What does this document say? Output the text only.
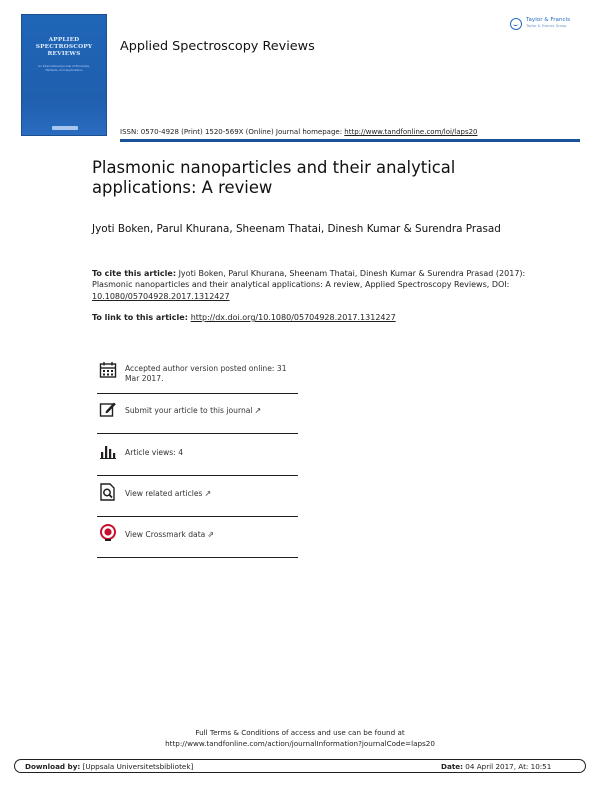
APPLIED
SPECTROSCOPY
REVIEWS
An International Journal of Principles,
Methods, and Applications
Applied Spectroscopy Reviews
Taylor & Francis
Taylor & Francis Group
ISSN: 0570-4928 (Print) 1520-569X (Online) Journal homepage: http://www.tandfonline.com/loi/laps20
Plasmonic nanoparticles and their analytical applications: A review
Jyoti Boken, Parul Khurana, Sheenam Thatai, Dinesh Kumar & Surendra Prasad
To cite this article: Jyoti Boken, Parul Khurana, Sheenam Thatai, Dinesh Kumar & Surendra Prasad (2017): Plasmonic nanoparticles and their analytical applications: A review, Applied Spectroscopy Reviews, DOI: 10.1080/05704928.2017.1312427
To link to this article: http://dx.doi.org/10.1080/05704928.2017.1312427
Accepted author version posted online: 31 Mar 2017.
Submit your article to this journal ↗
Article views: 4
View related articles ↗
View Crossmark data ⇗
Full Terms & Conditions of access and use can be found at
http://www.tandfonline.com/action/journalInformation?journalCode=laps20
Download by: [Uppsala Universitetsbibliotek]	Date: 04 April 2017, At: 10:51
